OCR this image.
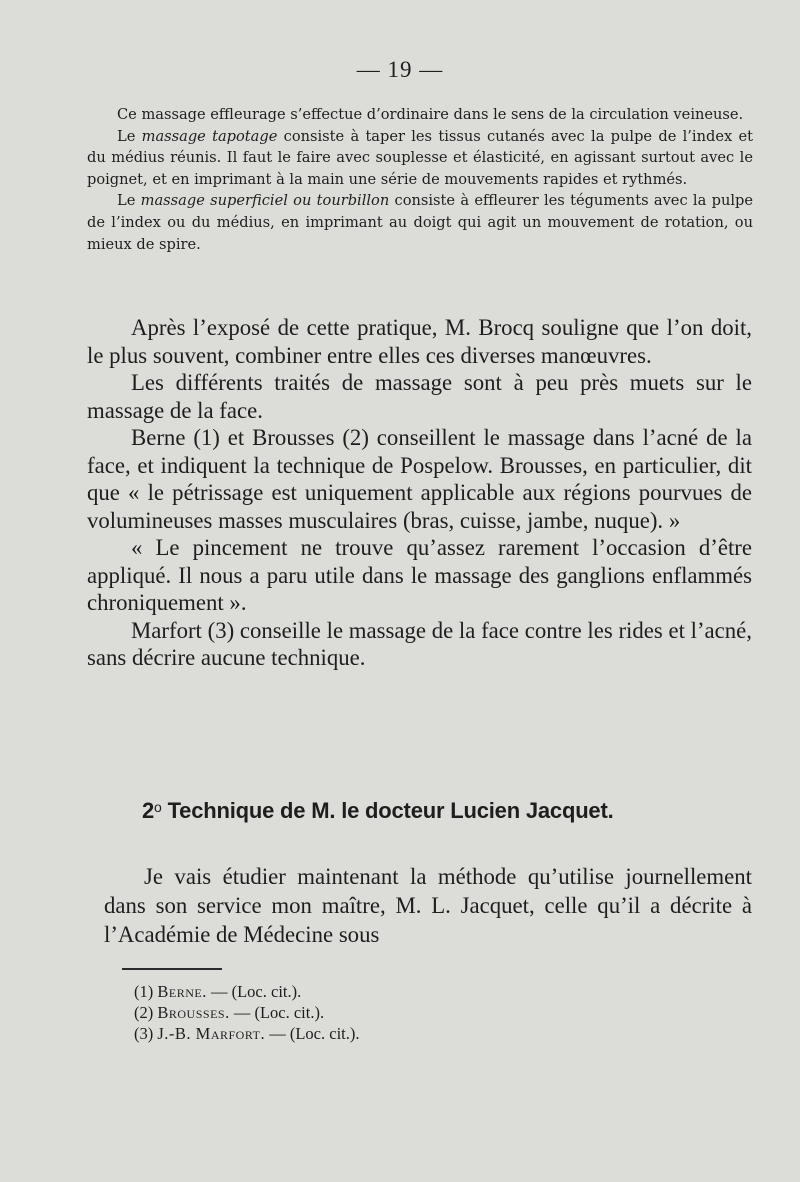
— 19 —

Ce massage effleurage s’effectue d’ordinaire dans le sens de la circulation veineuse.

Le massage tapotage consiste à taper les tissus cutanés avec la pulpe de l’index et du médius réunis. Il faut le faire avec souplesse et élasticité, en agissant surtout avec le poignet, et en imprimant à la main une série de mouvements rapides et rythmés.

Le massage superficiel ou tourbillon consiste à effleurer les téguments avec la pulpe de l’index ou du médius, en imprimant au doigt qui agit un mouvement de rotation, ou mieux de spire.

Après l’exposé de cette pratique, M. Brocq souligne que l’on doit, le plus souvent, combiner entre elles ces diverses manœuvres.

Les différents traités de massage sont à peu près muets sur le massage de la face.

Berne (1) et Brousses (2) conseillent le massage dans l’acné de la face, et indiquent la technique de Pospelow. Brousses, en particulier, dit que « le pétrissage est uniquement applicable aux régions pourvues de volumineuses masses musculaires (bras, cuisse, jambe, nuque). »

« Le pincement ne trouve qu’assez rarement l’occasion d’être appliqué. Il nous a paru utile dans le massage des ganglions enflammés chroniquement ».

Marfort (3) conseille le massage de la face contre les rides et l’acné, sans décrire aucune technique.

2$^o$ Technique de M. le docteur Lucien Jacquet.

Je vais étudier maintenant la méthode qu’utilise journellement dans son service mon maître, M. L. Jacquet, celle qu’il a décrite à l’Académie de Médecine sous

(1) Berne. — (Loc. cit.).
(2) Brousses. — (Loc. cit.).
(3) J.-B. Marfort. — (Loc. cit.).
